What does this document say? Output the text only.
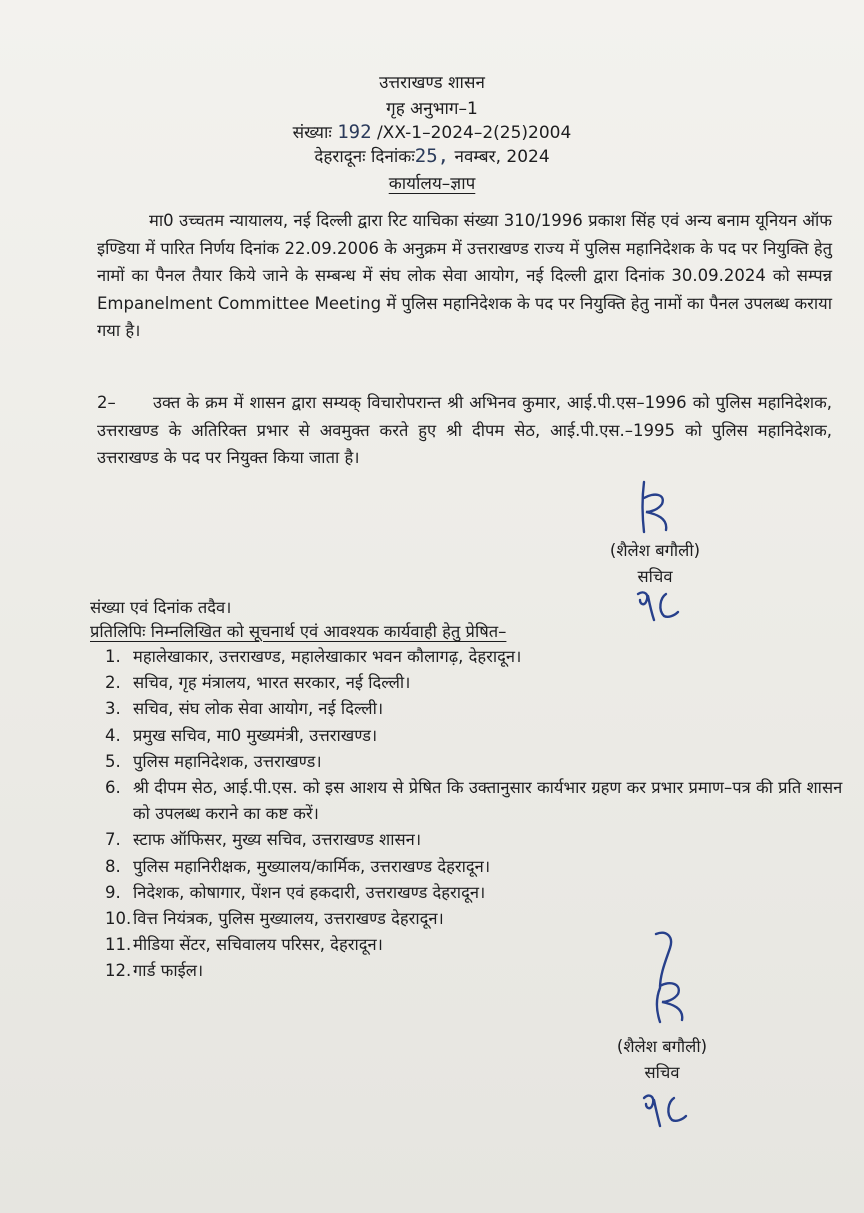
उत्तराखण्ड शासन
गृह अनुभाग–1
संख्याः 192 /XX-1–2024–2(25)2004
देहरादूनः दिनांकः25, नवम्बर, 2024
कार्यालय–ज्ञाप

मा0 उच्चतम न्यायालय, नई दिल्ली द्वारा रिट याचिका संख्या 310/1996 प्रकाश सिंह एवं अन्य बनाम यूनियन ऑफ इण्डिया में पारित निर्णय दिनांक 22.09.2006 के अनुक्रम में उत्तराखण्ड राज्य में पुलिस महानिदेशक के पद पर नियुक्ति हेतु नामों का पैनल तैयार किये जाने के सम्बन्ध में संघ लोक सेवा आयोग, नई दिल्ली द्वारा दिनांक 30.09.2024 को सम्पन्न Empanelment Committee Meeting में पुलिस महानिदेशक के पद पर नियुक्ति हेतु नामों का पैनल उपलब्ध कराया गया है।

2– उक्त के क्रम में शासन द्वारा सम्यक् विचारोपरान्त श्री अभिनव कुमार, आई.पी.एस–1996 को पुलिस महानिदेशक, उत्तराखण्ड के अतिरिक्त प्रभार से अवमुक्त करते हुए श्री दीपम सेठ, आई.पी.एस.–1995 को पुलिस महानिदेशक, उत्तराखण्ड के पद पर नियुक्त किया जाता है।

(शैलेश बगौली)
सचिव

संख्या एवं दिनांक तदैव।

प्रतिलिपिः निम्नलिखित को सूचनार्थ एवं आवश्यक कार्यवाही हेतु प्रेषित–

1. महालेखाकार, उत्तराखण्ड, महालेखाकार भवन कौलागढ़, देहरादून।
2. सचिव, गृह मंत्रालय, भारत सरकार, नई दिल्ली।
3. सचिव, संघ लोक सेवा आयोग, नई दिल्ली।
4. प्रमुख सचिव, मा0 मुख्यमंत्री, उत्तराखण्ड।
5. पुलिस महानिदेशक, उत्तराखण्ड।
6. श्री दीपम सेठ, आई.पी.एस. को इस आशय से प्रेषित कि उक्तानुसार कार्यभार ग्रहण कर प्रभार प्रमाण–पत्र की प्रति शासन को उपलब्ध कराने का कष्ट करें।
7. स्टाफ ऑफिसर, मुख्य सचिव, उत्तराखण्ड शासन।
8. पुलिस महानिरीक्षक, मुख्यालय/कार्मिक, उत्तराखण्ड देहरादून।
9. निदेशक, कोषागार, पेंशन एवं हकदारी, उत्तराखण्ड देहरादून।
10. वित्त नियंत्रक, पुलिस मुख्यालय, उत्तराखण्ड देहरादून।
11. मीडिया सेंटर, सचिवालय परिसर, देहरादून।
12. गार्ड फाईल।
(शैलेश बगौली)
सचिव
